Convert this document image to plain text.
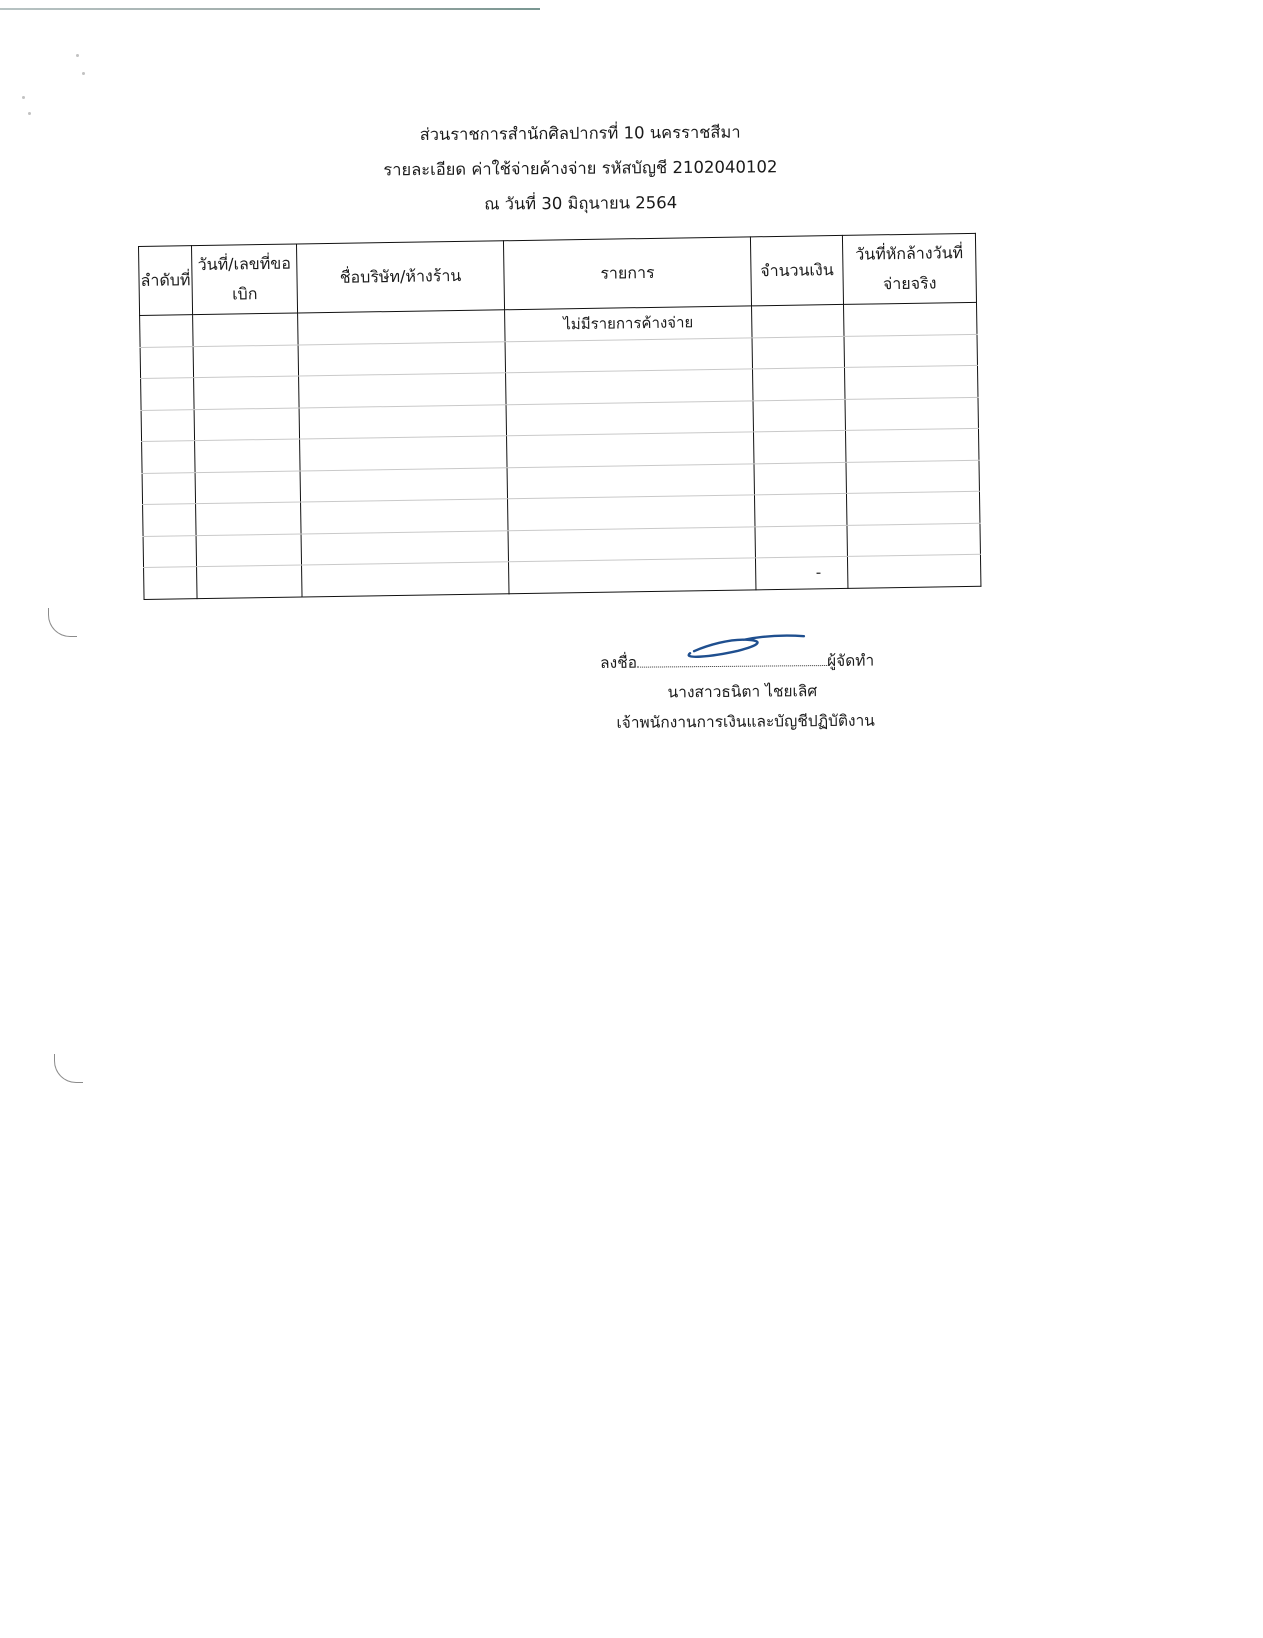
ส่วนราชการสำนักศิลปากรที่ 10 นครราชสีมา
รายละเอียด ค่าใช้จ่ายค้างจ่าย รหัสบัญชี 2102040102
ณ วันที่ 30 มิถุนายน 2564
ลำดับที่	วันที่/เลขที่ขอเบิก	ชื่อบริษัท/ห้างร้าน	รายการ	จำนวนเงิน	วันที่หักล้างวันที่จ่ายจริง
			ไม่มีรายการค้างจ่าย		

				-	
ลงชื่อ	ผู้จัดทำ
นางสาวธนิตา ไชยเลิศ
เจ้าพนักงานการเงินและบัญชีปฏิบัติงาน
